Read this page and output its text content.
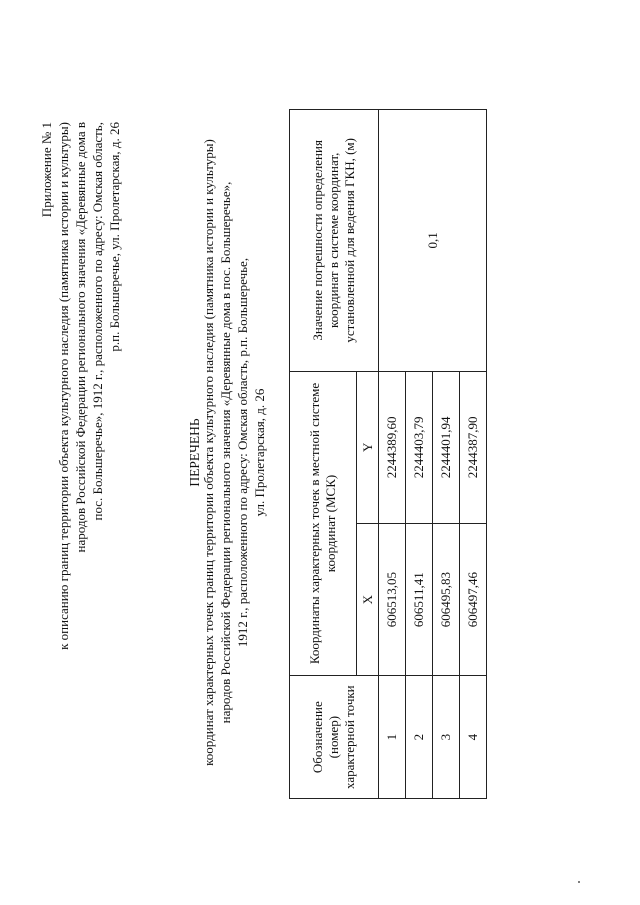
Приложение № 1 к описанию границ территории объекта культурного наследия (памятника истории и культуры) народов Российской Федерации регионального значения «Деревянные дома в пос. Большеречье», 1912 г., расположенного по адресу: Омская область, р.п. Большеречье, ул. Пролетарская, д. 26
ПЕРЕЧЕНЬ координат характерных точек границ территории объекта культурного наследия (памятника истории и культуры) народов Российской Федерации регионального значения «Деревянные дома в пос. Большеречье», 1912 г., расположенного по адресу: Омская область, р.п. Большеречье, ул. Пролетарская, д. 26
Обозначение (номер) характерной точки	Координаты характерных точек в местной системе координат (МСК)		Значение погрешности определения координат в системе координат, установленной для ведения ГКН, (м)
	X	Y	
1	606513,05	2244389,60	0,1
2	606511,41	2244403,79	
3	606495,83	2244401,94	
4	606497,46	2244387,90	
